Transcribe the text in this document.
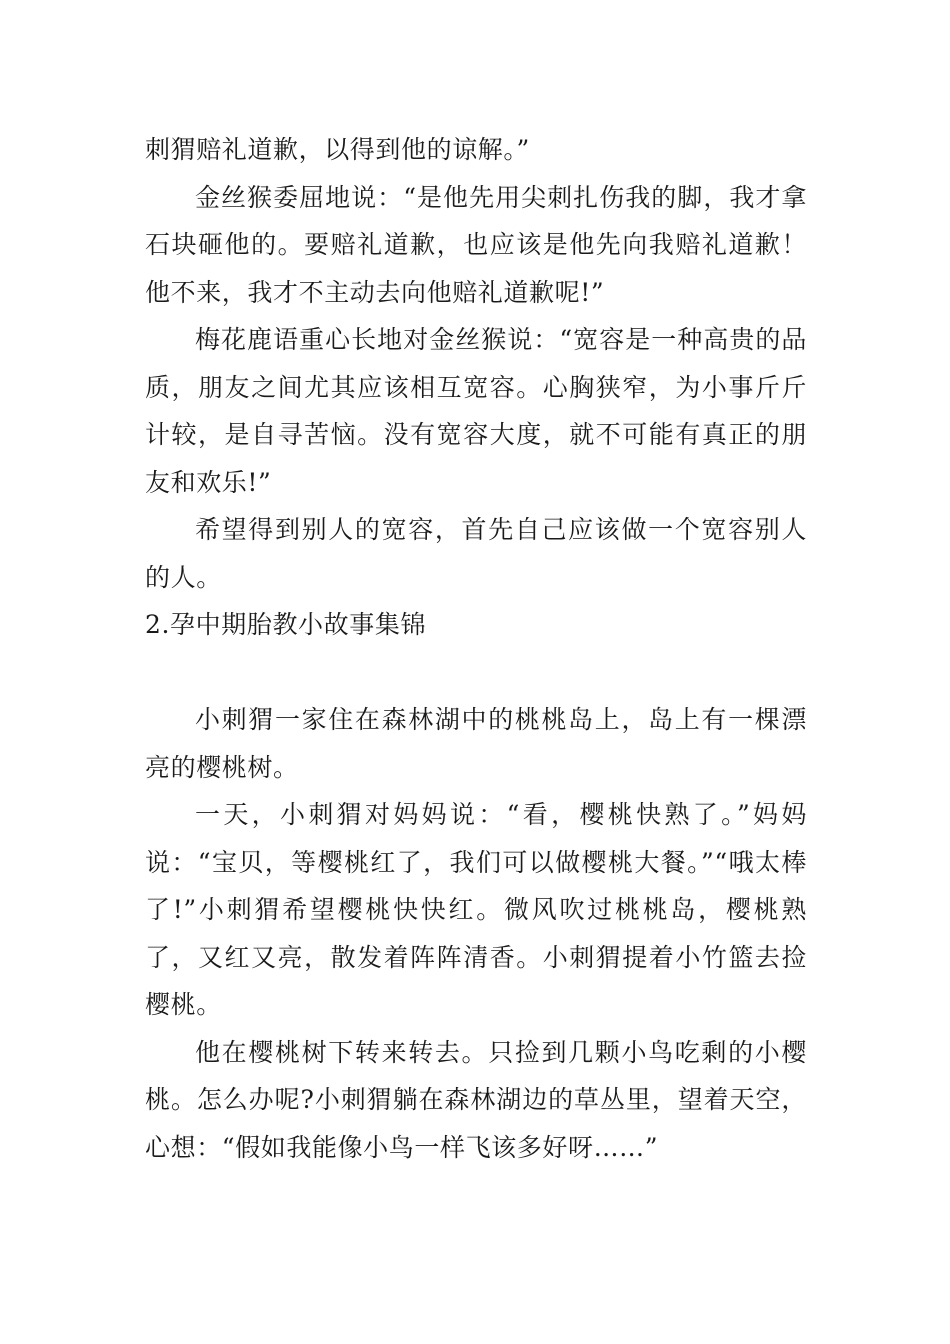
刺猬赔礼道歉，以得到他的谅解。”

金丝猴委屈地说：“是他先用尖刺扎伤我的脚，我才拿石块砸他的。要赔礼道歉，也应该是他先向我赔礼道歉！他不来，我才不主动去向他赔礼道歉呢!”

梅花鹿语重心长地对金丝猴说：“宽容是一种高贵的品质，朋友之间尤其应该相互宽容。心胸狭窄，为小事斤斤计较，是自寻苦恼。没有宽容大度，就不可能有真正的朋友和欢乐!”

希望得到别人的宽容，首先自己应该做一个宽容别人的人。

2.孕中期胎教小故事集锦

小刺猬一家住在森林湖中的桃桃岛上，岛上有一棵漂亮的樱桃树。

一天，小刺猬对妈妈说：“看，樱桃快熟了。”妈妈说：“宝贝，等樱桃红了，我们可以做樱桃大餐。”“哦太棒了!”小刺猬希望樱桃快快红。微风吹过桃桃岛，樱桃熟了，又红又亮，散发着阵阵清香。小刺猬提着小竹篮去捡樱桃。

他在樱桃树下转来转去。只捡到几颗小鸟吃剩的小樱桃。怎么办呢?小刺猬躺在森林湖边的草丛里，望着天空，心想：“假如我能像小鸟一样飞该多好呀……”
